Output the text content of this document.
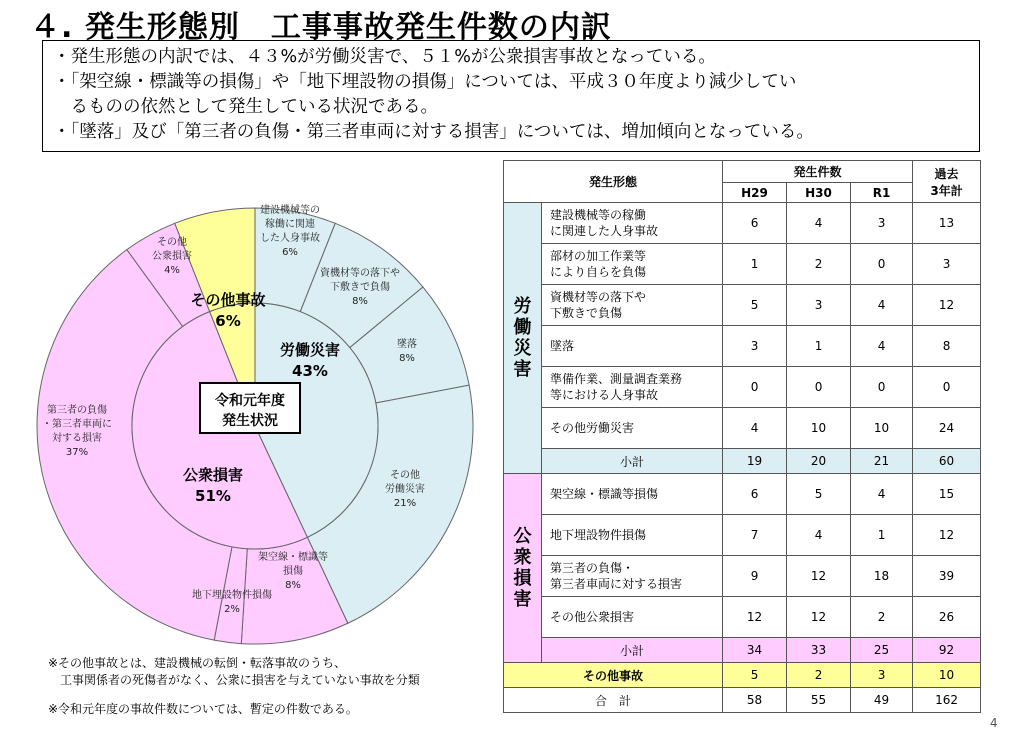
４. 発生形態別　工事事故発生件数の内訳
・発生形態の内訳では、４３%が労働災害で、５１%が公衆損害事故となっている。
・「架空線・標識等の損傷」や「地下埋設物の損傷」については、平成３０年度より減少してい
　るものの依然として発生している状況である。
・「墜落」及び「第三者の負傷・第三者車両に対する損害」については、増加傾向となっている。
令和元年度発生状況
建設機械等の稼働に関連した人身事故 6%
資機材等の落下や下敷きで負傷 8%
墜落 8%
その他労働災害 21%
架空線・標識等損傷 8%
地下埋設物件損傷 2%
第三者の負傷・第三者車両に対する損害 37%
その他公衆損害 4%
労働災害 43%
公衆損害 51%
その他事故 6%
※その他事故とは、建設機械の転倒・転落事故のうち、
　工事関係者の死傷者がなく、公衆に損害を与えていない事故を分類
※令和元年度の事故件数については、暫定の件数である。
発生形態		発生件数			過去
3年計
		H29	H30	R1	
労
働
災
害	建設機械等の稼働
に関連した人身事故	6	4	3	13
	部材の加工作業等
により自らを負傷	1	2	0	3
	資機材等の落下や
下敷きで負傷	5	3	4	12
	墜落	3	1	4	8
	準備作業、測量調査業務
等における人身事故	0	0	0	0
	その他労働災害	4	10	10	24
	小計	19	20	21	60
公
衆
損
害	架空線・標識等損傷	6	5	4	15
	地下埋設物件損傷	7	4	1	12
	第三者の負傷・
第三者車両に対する損害	9	12	18	39
	その他公衆損害	12	12	2	26
	小計	34	33	25	92
その他事故		5	2	3	10
合　計		58	55	49	162
4
